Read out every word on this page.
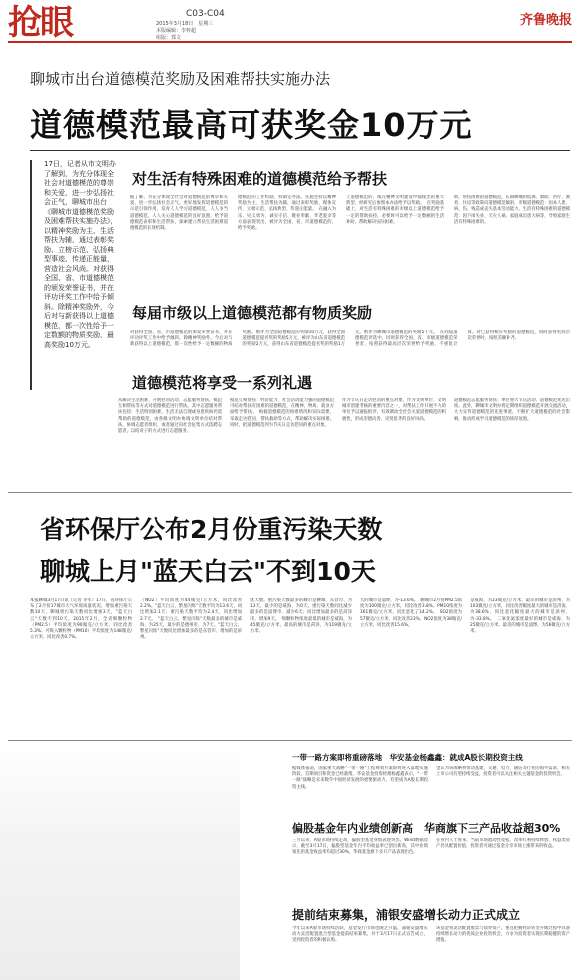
抢眼	C03-C04
2015年3月18日　星期三
本版编辑：李梓超
组版：郑文
齐鲁晚报
聊城市出台道德模范奖励及困难帮扶实施办法
道德模范最高可获奖金10万元

17日，记者从市文明办了解到，为充分体现全社会对道德模范的尊崇和关爱，进一步弘扬社会正气，聊城市出台《聊城市道德模范奖励及困难帮扶实施办法》，以精神奖励为主、生活帮扶为辅，通过表彰奖励、立榜示范、弘扬典型事迹、传递正能量，营造社会风尚。对获得全国、省、市道德模范的颁发荣誉证书，并在评功评奖工作中给予倾斜。除精神奖励外，今后对与新获得以上道德模范，都一次性给予一定数额的物质奖励，最高奖励10万元。

对生活有特殊困难的道德模范给予帮扶
据了解，为充分体现全社会对道德模范的尊崇和关爱，进一步弘扬社会正气，更好地发挥道德模范的示范引领作用，培育人人学习道德模范、人人争当道德模范、人人关心道德模范的良好氛围，给予道德模范表彰和生活帮扶，探索建立帮扶生活困难道德模范的长效机制。
德模范的工作机制，特制定办法。实施坚持以精神奖励为主、生活帮扶为辅，通过表彰奖励、媒体宣传、立榜示范、弘扬典型、传递正能量。　在融入为乐、见义勇为、诚实守信、敬业奉献、孝老爱亲等方面表现突出，被评为全国、省、市道德模范的，给予奖励。
上道德模范的，或在精神文明建设中涌现出的重大典型，经研究后参照本办法给予以奖励。　在奖励基础上，对生活有特殊困难的市级以上道德模范给予一定的帮助扶持，必要时可以给予一定数额的生活补助，帮助解决实际困难。
助，帮扶困难的道德模范，长期聊城的低保、救助、医疗、教育、住房等政策向道德模范倾斜，市级道德模范：因本人患、病、伤、残造成丧失基本劳动能力，生活有特殊困难的道德模范：因下岗失业、天灾人祸、家庭成员患大病等，导致家庭生活有特殊困难的。
每届市级以上道德模范都有物质奖励
对获得全国、省、市道德模范的颁发荣誉证书，并在评功评奖工作中给予倾斜，除精神奖励外，今后对与新获得以上道德模范，都一次性给予一定数额的物质奖励。被评为全国道德模范的奖励10万元，获得全国道德模范提名奖的奖励5万元，被评为山东省道德模范的奖励2万元，获得山东省道德模范提名奖的奖励1万元，被评为聊城市道德模范的奖励5千元。　在同届道德模范评选中，同时获得全国、省、市级道德模范荣誉者，按照获得最高层次荣誉给予奖励，不重复计算。对已获得相应奖励的道德模范，同时获得更高层次荣誉时，按照差额补齐。
道德模范将享受一系列礼遇
从解决生活困难、开展慰问活动、志愿服务帮扶、模范互相帮扶等方式对道德模范进行帮扶。其中志愿服务帮扶包括：生活特别困难，生活无法自理或身患疾病仍需帮助的道德模范，由各级文明办协调文明单位结对帮扶，协调志愿者组织、或者通过向社会征集方式选聘志愿者，以结对子的方式进行志愿服务。
模范互相帮扶：经济能力、社会活动能力强的道德模范可结对帮扶有困难的道德模范，在精神、物质、就业方面给予帮扶。　根据道德模范的困难情况和实际需要，采取走访慰问、帮扶救助等方式，帮助解决实际困难。同时，把道德模范列为节庆日走访慰问的重点对象。
作为节庆日走访慰问的重点对象，作为文明单位、文明城市创建考核的重要内容之一，对帮扶工作开展不力的单位予以通报批评，有效调动全社会关爱道德模范的积极性，形成崇德向善、见贤思齐的良好风尚。
道德模范志愿服务帮扶：单位重大节庆活动、道德模范优先出席。此外，聊城市文明办将定期组织道德模范开展交流活动，大力宣传道德模范的先进事迹，不断扩大道德模范的社会影响，推动形成学习道德模范的浓厚氛围。
省环保厅公布2月份重污染天数
聊城上月"蓝天白云"不到10天
本报聊城3月17日讯（记者 李军）17日，省环保厅公布了2月份17城市大气环境质量状况。增加重污染天数10天，聊城重污染天数同比增加3天，"蓝天白云"天数不到10天。2015年2月，全省细颗粒物（PM2.5）平均浓度为90微克/立方米，同比改善5.3%；可吸入颗粒物（PM10）平均浓度为148微克/立方米，同比改善0.7%。
（NO2）平均浓度为44微克/立方米，同比改善2.2%。"蓝天白云、繁星闪烁"天数平均为13.6天，同比增加2.1天；重污染天数平均为2.4天，同比增加2.7天。　"蓝天白云、繁星闪烁"天数最多的城市是威海、为25天，最少的是德州市、为7天。"蓝天白云、繁星闪烁"天数同比增加最多的是东营市、增加的是滨州。
优天数。重污染天数最多的城市是聊城、东营市、为13天，最少的是威海、为0天。重污染天数同比减少最多的是淄博市、减少6天；同比增加最多的是菏泽市、增加9天。　细颗粒物浓度最低的城市是威海，为45微克/立方米，最高的城市是菏泽，为119微克/立方米。
大的城市是淄博、为-13.6%。　聊城市2月份PM2.5浓度为100微克/立方米，同比改善3.8%。PM10浓度为161微克/立方米，同比恶化了14.2%。　SO2浓度为57微克/立方米，同比改善23%，NO2浓度为38微克/立方米，同比改善15.6%。
是威海、为23微克/立方米，最差的城市是滨州、为103微克/立方米，同比改善幅度最大的城市是济南、为38.6%，同比恶化幅度最大的城市是滨州、为-33.8%。　二氧化氮浓度最好的城市是威海、为25微克/立方米，最差的城市是淄博、为56微克/立方米。
一带一路方案即将重磅落地　华安基金杨鑫鑫：就成A股长期投资主线
据媒体报道，国家重大战略"一带一路"工程规划方案即将进入落地实施阶段，首期项目和资金已经就绪。华安基金投资经理杨鑫鑫表示，"一带一路"战略是未来数年中国经济发展的重要驱动力，有望成为A股长期投资主线。
金认为该战略将带动基建、交通、电力、通信等行业的海外需求，相关上市公司有望持续受益，投资者可以关注相关主题基金的投资机会。
偏股基金年内业绩创新高　华商旗下三产品收益超30%
三月以来，A股市场持续走高，偏股型基金业绩表现突出。Wind数据显示，截至3月17日，偏股型基金年内平均收益率已创出新高，其中业绩领先的基金收益率均超过30%，华商基金旗下多只产品表现出色。
在业内人士看来，当前市场流动性宽松，改革红利持续释放，权益类资产仍具配置价值，投资者可通过基金分享市场上涨带来的收益。
提前结束募集，浦银安盛增长动力正式成立
今年以来A股市场持续活跃，基金发行市场也随之升温。浦银安盛增长动力灵活配置混合型基金提前结束募集，并于3月17日正式宣告成立，受到投资者的积极认购。
该基金将灵活配置股票与债券资产，重点把握经济转型升级过程中具备持续增长动力的优质企业投资机会，力争为投资者实现长期稳健的资产增值。
